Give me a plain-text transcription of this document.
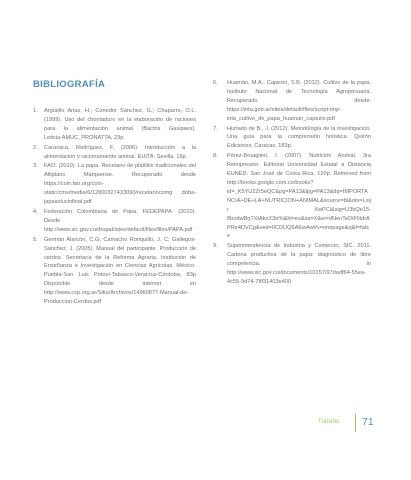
BIBLIOGRAFÍA
1. Argüello Arias, H.; Conedor Sánchez, G.; Chaparro, O.L. (1999). Uso del chontaduro en la elaboración de raciones para la alimentación animal (Bactris Gasipaes). Leticia:AMUC, PRONATTA, 23p.
2. Caravaca, Rodríguez, F. (2006). Introducción a la alimentación y racionamiento animal. EUITA: Sevilla, 16p.
3. FAO. (2010). La papa. Recetario de platillos tradicionales del Altiplano Marquense. Recuperado desde https://coin.fao.org/coin-static/cms/media/6/12800327433090/recetariocomg doba-japasolucinfinal.pdf
4. Federación Colombiana de Papa. FEDEPAPA. (2010). Desde http://www.sic.gov.co/drupal/sites/default/files/files/PAPA.pdf
5. Germán Alarcón, C.G; Camacho Ronquillo, J. C; Gallegos-Sánchez, J. (2005). Manual del participante. Producción de cerdos. Secretaría de la Reforma Agraria. Institución de Enseñanza e Investigación en Ciencias Agrícolas, México-Puebla-San Luis Potosí-Tabasco-Veracruz-Córdoba, 83p Disponible desde internet en http://www.csp.org.ar/Sitio/Archivos/14960877-Manual-de-Produccion-Cerdos.pdf
6. Huamán, M.A.; Capezio, S.B. (2012). Cultivo de la papa. Instituto Nacional de Tecnología Agropecuaria. Recuperado desde: https://inta.gob.ar/sites/default/files/script-tmp-inta_cultivo_de_papa_huaman_capezio.pdf
7. Hurtado de B., J. (2012). Metodología de la investigación. Una guía para la comprensión holística. Quirón Ediciones, Caracas, 183p.
8. Pérez-Bruaglieri, I. (2007). Nutrición Animal. 3ra Reimpresión. Editorial Universidad Estatal a Distancia EUNED. San José de Costa Rica, 120p. Retrieved from http://books.google.com.co/books?id=_K5YU2Zr5eQC&pg=PA13&lpg=PA13&dq=IMPORTANCIA+DE+LA+NUTRICION+ANIMAL&source=bl&ots=Lisjr XwPCi&sig=U3bQe15-8bodwBqTXtAkxX3tr%&hl=es&sa=X&ei=dNenTeDtFNdrAPRe4DVCg&ved=0CDUQ6AEwAw#v=onepage&q&f=false
9. Superintendencia de Industria y Comercio, SIC. 2011. Cadena productiva de la papa: diagnóstico de libre competencia. In http://www.sic.gov.co/documents/10157/97dadf64-55ea-4c55-9d74-78f31403e400
Turismo 71
